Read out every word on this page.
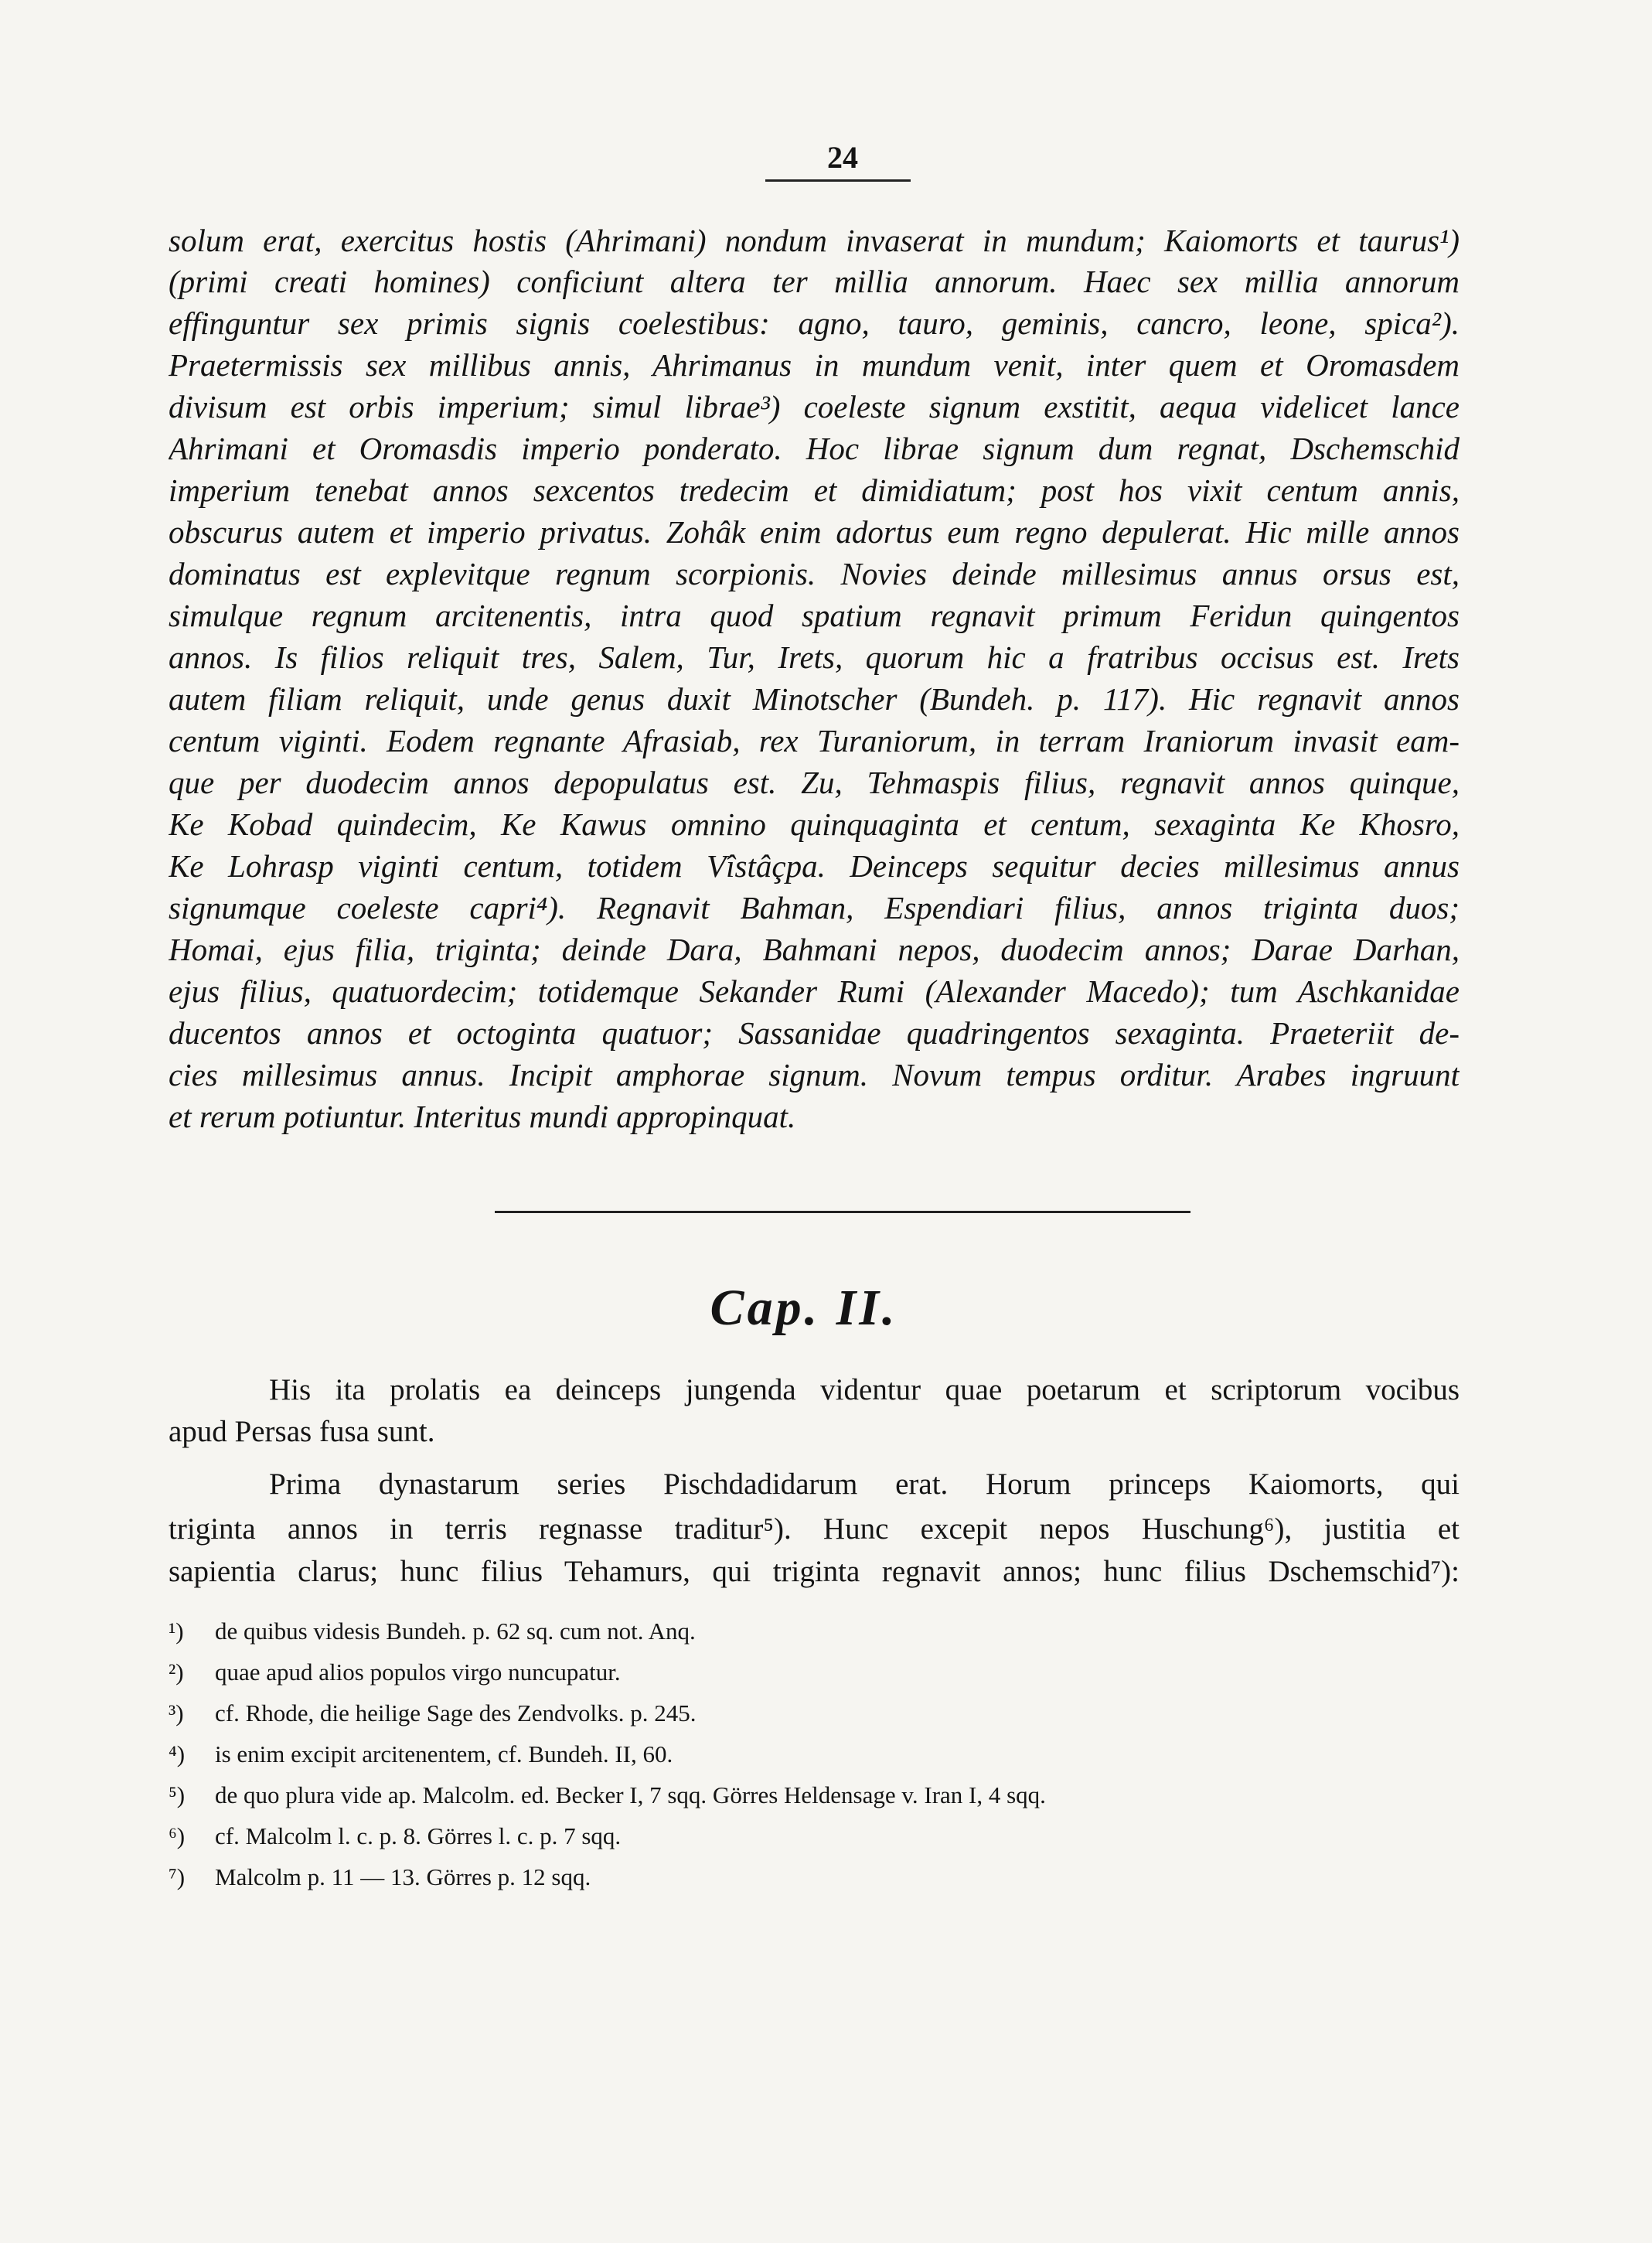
24
solum erat, exercitus hostis (Ahrimani) nondum invaserat in mundum; Kaiomorts et taurus¹)
(primi creati homines) conficiunt altera ter millia annorum. Haec sex millia annorum
effinguntur sex primis signis coelestibus: agno, tauro, geminis, cancro, leone, spica²).
Praetermissis sex millibus annis, Ahrimanus in mundum venit, inter quem et Oromasdem
divisum est orbis imperium; simul librae³) coeleste signum exstitit, aequa videlicet lance
Ahrimani et Oromasdis imperio ponderato. Hoc librae signum dum regnat, Dschemschid
imperium tenebat annos sexcentos tredecim et dimidiatum; post hos vixit centum annis,
obscurus autem et imperio privatus. Zohâk enim adortus eum regno depulerat. Hic mille annos
dominatus est explevitque regnum scorpionis. Novies deinde millesimus annus orsus est,
simulque regnum arcitenentis, intra quod spatium regnavit primum Feridun quingentos
annos. Is filios reliquit tres, Salem, Tur, Irets, quorum hic a fratribus occisus est. Irets
autem filiam reliquit, unde genus duxit Minotscher (Bundeh. p. 117). Hic regnavit annos
centum viginti. Eodem regnante Afrasiab, rex Turaniorum, in terram Iraniorum invasit eam-
que per duodecim annos depopulatus est. Zu, Tehmaspis filius, regnavit annos quinque,
Ke Kobad quindecim, Ke Kawus omnino quinquaginta et centum, sexaginta Ke Khosro,
Ke Lohrasp viginti centum, totidem Vîstâçpa. Deinceps sequitur decies millesimus annus
signumque coeleste capri⁴). Regnavit Bahman, Espendiari filius, annos triginta duos;
Homai, ejus filia, triginta; deinde Dara, Bahmani nepos, duodecim annos; Darae Darhan,
ejus filius, quatuordecim; totidemque Sekander Rumi (Alexander Macedo); tum Aschkanidae
ducentos annos et octoginta quatuor; Sassanidae quadringentos sexaginta. Praeteriit de-
cies millesimus annus. Incipit amphorae signum. Novum tempus orditur. Arabes ingruunt
et rerum potiuntur. Interitus mundi appropinquat.
Cap. II.
His ita prolatis ea deinceps jungenda videntur quae poetarum et scriptorum vocibus
apud Persas fusa sunt.
Prima dynastarum series Pischdadidarum erat. Horum princeps Kaiomorts, qui
triginta annos in terris regnasse traditur⁵). Hunc excepit nepos Huschung⁶), justitia et
sapientia clarus; hunc filius Tehamurs, qui triginta regnavit annos; hunc filius Dschemschid⁷):
¹) de quibus videsis Bundeh. p. 62 sq. cum not. Anq.
²) quae apud alios populos virgo nuncupatur.
³) cf. Rhode, die heilige Sage des Zendvolks. p. 245.
⁴) is enim excipit arcitenentem, cf. Bundeh. II, 60.
⁵) de quo plura vide ap. Malcolm. ed. Becker I, 7 sqq. Görres Heldensage v. Iran I, 4 sqq.
⁶) cf. Malcolm l. c. p. 8. Görres l. c. p. 7 sqq.
⁷) Malcolm p. 11 — 13. Görres p. 12 sqq.
